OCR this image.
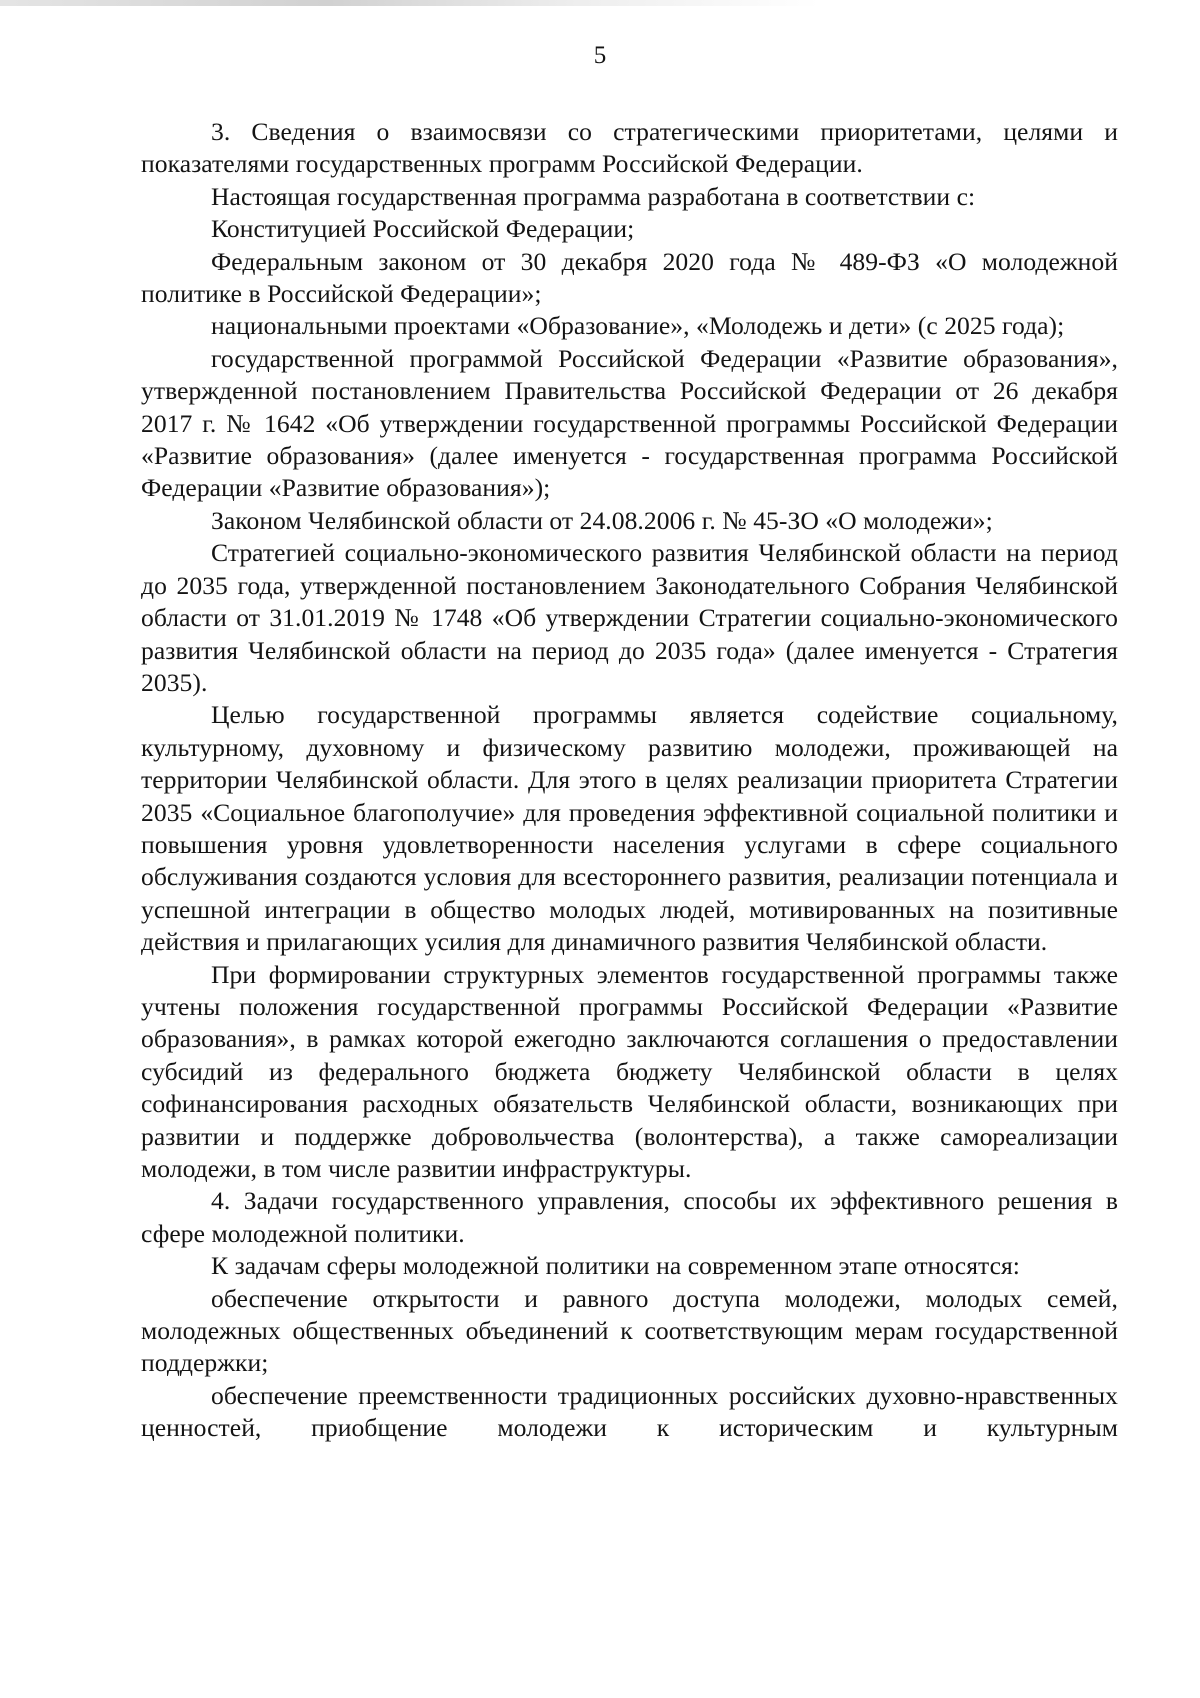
5

3. Сведения о взаимосвязи со стратегическими приоритетами, целями и показателями государственных программ Российской Федерации.

Настоящая государственная программа разработана в соответствии с:

Конституцией Российской Федерации;

Федеральным законом от 30 декабря 2020 года № 489-ФЗ «О молодежной политике в Российской Федерации»;

национальными проектами «Образование», «Молодежь и дети» (с 2025 года);

государственной программой Российской Федерации «Развитие образования», утвержденной постановлением Правительства Российской Федерации от 26 декабря 2017 г. № 1642 «Об утверждении государственной программы Российской Федерации «Развитие образования» (далее именуется - государственная программа Российской Федерации «Развитие образования»);

Законом Челябинской области от 24.08.2006 г. № 45-ЗО «О молодежи»;

Стратегией социально-экономического развития Челябинской области на период до 2035 года, утвержденной постановлением Законодательного Собрания Челябинской области от 31.01.2019 № 1748 «Об утверждении Стратегии социально-экономического развития Челябинской области на период до 2035 года» (далее именуется - Стратегия 2035).

Целью государственной программы является содействие социальному, культурному, духовному и физическому развитию молодежи, проживающей на территории Челябинской области. Для этого в целях реализации приоритета Стратегии 2035 «Социальное благополучие» для проведения эффективной социальной политики и повышения уровня удовлетворенности населения услугами в сфере социального обслуживания создаются условия для всестороннего развития, реализации потенциала и успешной интеграции в общество молодых людей, мотивированных на позитивные действия и прилагающих усилия для динамичного развития Челябинской области.

При формировании структурных элементов государственной программы также учтены положения государственной программы Российской Федерации «Развитие образования», в рамках которой ежегодно заключаются соглашения о предоставлении субсидий из федерального бюджета бюджету Челябинской области в целях софинансирования расходных обязательств Челябинской области, возникающих при развитии и поддержке добровольчества (волонтерства), а также самореализации молодежи, в том числе развитии инфраструктуры.

4. Задачи государственного управления, способы их эффективного решения в сфере молодежной политики.

К задачам сферы молодежной политики на современном этапе относятся:

обеспечение открытости и равного доступа молодежи, молодых семей, молодежных общественных объединений к соответствующим мерам государственной поддержки;

обеспечение преемственности традиционных российских духовно-нравственных ценностей, приобщение молодежи к историческим и культурным
